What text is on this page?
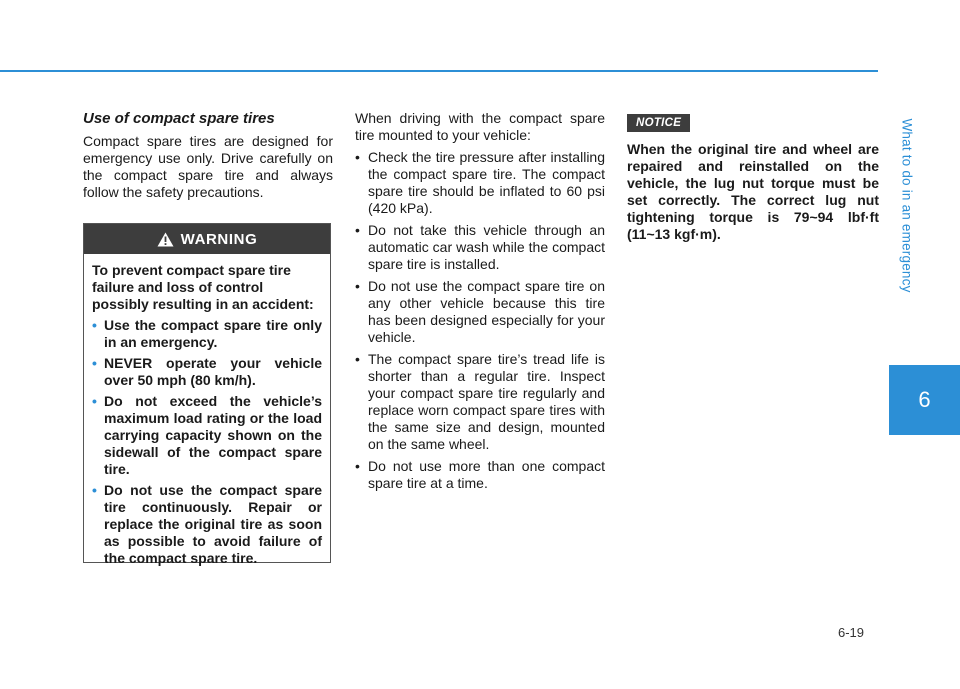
What to do in an emergency
6
Use of compact spare tires

Compact spare tires are designed for emergency use only. Drive carefully on the compact spare tire and always follow the safety precautions.

WARNING

To prevent compact spare tire failure and loss of control possibly resulting in an accident:

• Use the compact spare tire only in an emergency.
• NEVER operate your vehicle over 50 mph (80 km/h).
• Do not exceed the vehicle’s maximum load rating or the load carrying capacity shown on the sidewall of the compact spare tire.
• Do not use the compact spare tire continuously. Repair or replace the original tire as soon as possible to avoid failure of the compact spare tire.

When driving with the compact spare tire mounted to your vehicle:

• Check the tire pressure after installing the compact spare tire. The compact spare tire should be inflated to 60 psi (420 kPa).
• Do not take this vehicle through an automatic car wash while the compact spare tire is installed.
• Do not use the compact spare tire on any other vehicle because this tire has been designed especially for your vehicle.
• The compact spare tire’s tread life is shorter than a regular tire. Inspect your compact spare tire regularly and replace worn compact spare tires with the same size and design, mounted on the same wheel.
• Do not use more than one compact spare tire at a time.
NOTICE

When the original tire and wheel are repaired and reinstalled on the vehicle, the lug nut torque must be set correctly. The correct lug nut tightening torque is 79~94 lbf·ft (11~13 kgf·m).

6-19
